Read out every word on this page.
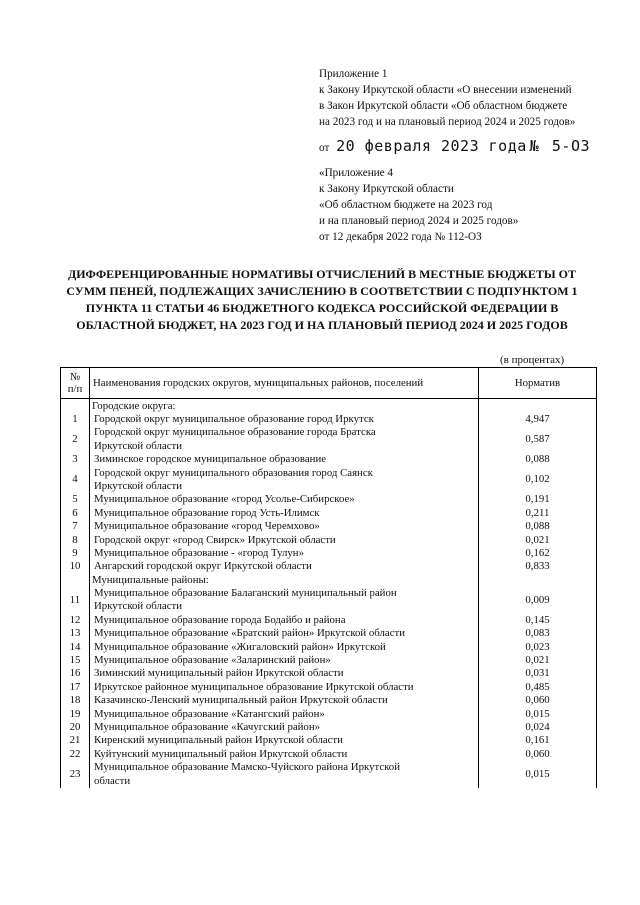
Приложение 1
к Закону Иркутской области «О внесении изменений
в Закон Иркутской области «Об областном бюджете
на 2023 год и на плановый период 2024 и 2025 годов»
от 20 февраля 2023 года № 5-ОЗ
«Приложение 4
к Закону Иркутской области
«Об областном бюджете на 2023 год
и на плановый период 2024 и 2025 годов»
от 12 декабря 2022 года № 112-ОЗ
ДИФФЕРЕНЦИРОВАННЫЕ НОРМАТИВЫ ОТЧИСЛЕНИЙ В МЕСТНЫЕ БЮДЖЕТЫ ОТ
СУММ ПЕНЕЙ, ПОДЛЕЖАЩИХ ЗАЧИСЛЕНИЮ В СООТВЕТСТВИИ С ПОДПУНКТОМ 1
ПУНКТА 11 СТАТЬИ 46 БЮДЖЕТНОГО КОДЕКСА РОССИЙСКОЙ ФЕДЕРАЦИИ В
ОБЛАСТНОЙ БЮДЖЕТ, НА 2023 ГОД И НА ПЛАНОВЫЙ ПЕРИОД 2024 И 2025 ГОДОВ
(в процентах)
№
п/п	Наименования городских округов, муниципальных районов, поселений	Норматив
	Городские округа:	
1	Городской округ муниципальное образование город Иркутск	4,947
2	Городской округ муниципальное образование города Братска
Иркутской области	0,587
3	Зиминское городское муниципальное образование	0,088
4	Городской округ муниципального образования город Саянск
Иркутской области	0,102
5	Муниципальное образование «город Усолье-Сибирское»	0,191
6	Муниципальное образование город Усть-Илимск	0,211
7	Муниципальное образование «город Черемхово»	0,088
8	Городской округ «город Свирск» Иркутской области	0,021
9	Муниципальное образование - «город Тулун»	0,162
10	Ангарский городской округ Иркутской области	0,833
	Муниципальные районы:	
11	Муниципальное образование Балаганский муниципальный район
Иркутской области	0,009
12	Муниципальное образование города Бодайбо и района	0,145
13	Муниципальное образование «Братский район» Иркутской области	0,083
14	Муниципальное образование «Жигаловский район» Иркутской	0,023
15	Муниципальное образование «Заларинский район»	0,021
16	Зиминский муниципальный район Иркутской области	0,031
17	Иркутское районное муниципальное образование Иркутской области	0,485
18	Казачинско-Ленский муниципальный район Иркутской области	0,060
19	Муниципальное образование «Катангский район»	0,015
20	Муниципальное образование «Качугский район»	0,024
21	Киренский муниципальный район Иркутской области	0,161
22	Куйтунский муниципальный район Иркутской области	0,060
23	Муниципальное образование Мамско-Чуйского района Иркутской
области	0,015
